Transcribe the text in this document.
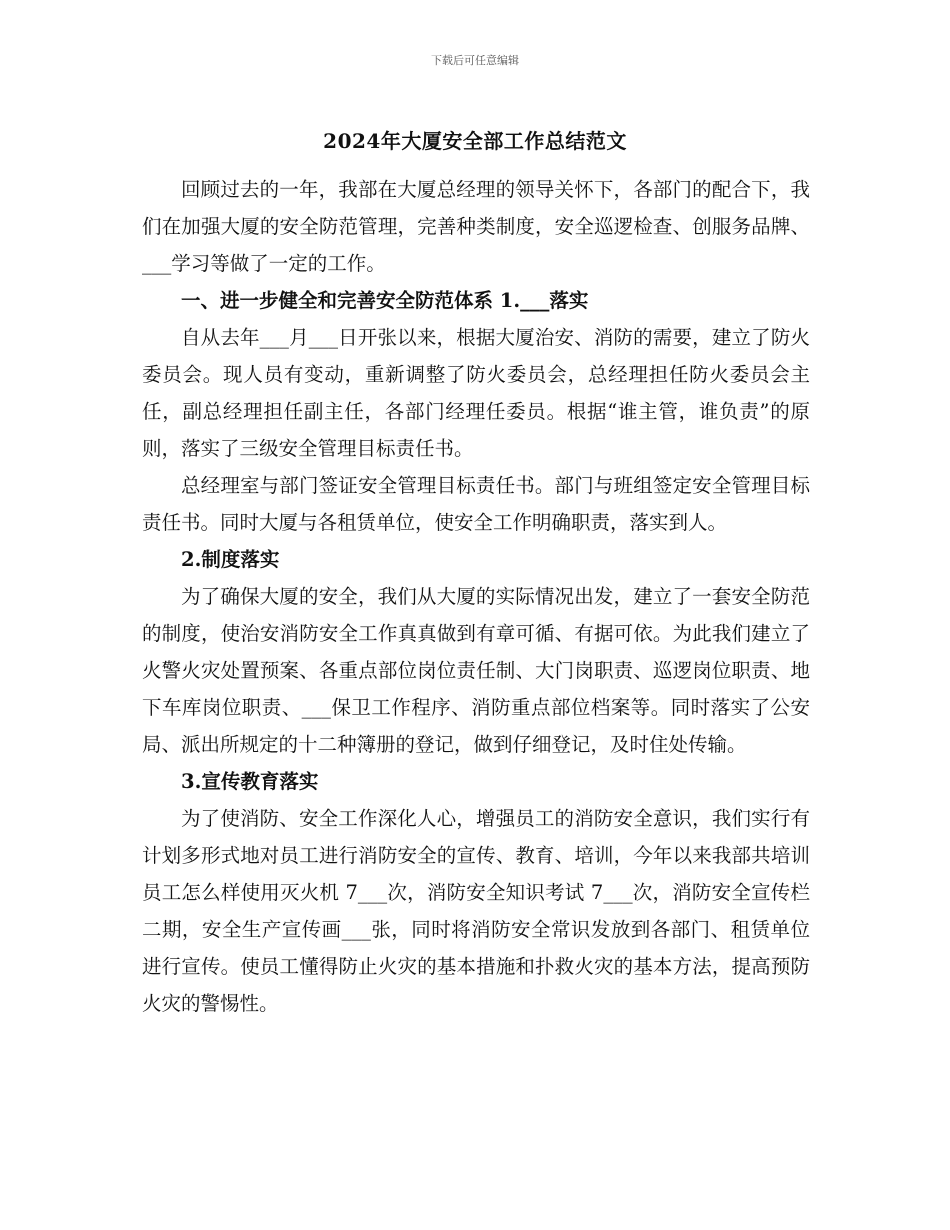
下载后可任意编辑
2024年大厦安全部工作总结范文

回顾过去的一年，我部在大厦总经理的领导关怀下，各部门的配合下，我们在加强大厦的安全防范管理，完善种类制度，安全巡逻检查、创服务品牌、___学习等做了一定的工作。

一、进一步健全和完善安全防范体系 1.___落实

自从去年___月___日开张以来，根据大厦治安、消防的需要，建立了防火委员会。现人员有变动，重新调整了防火委员会，总经理担任防火委员会主任，副总经理担任副主任，各部门经理任委员。根据“谁主管，谁负责”的原则，落实了三级安全管理目标责任书。

总经理室与部门签证安全管理目标责任书。部门与班组签定安全管理目标责任书。同时大厦与各租赁单位，使安全工作明确职责，落实到人。

2.制度落实

为了确保大厦的安全，我们从大厦的实际情况出发，建立了一套安全防范的制度，使治安消防安全工作真真做到有章可循、有据可依。为此我们建立了火警火灾处置预案、各重点部位岗位责任制、大门岗职责、巡逻岗位职责、地下车库岗位职责、___保卫工作程序、消防重点部位档案等。同时落实了公安局、派出所规定的十二种簿册的登记，做到仔细登记，及时住处传输。

3.宣传教育落实

为了使消防、安全工作深化人心，增强员工的消防安全意识，我们实行有计划多形式地对员工进行消防安全的宣传、教育、培训，今年以来我部共培训员工怎么样使用灭火机 7___次，消防安全知识考试 7___次，消防安全宣传栏二期，安全生产宣传画___张，同时将消防安全常识发放到各部门、租赁单位进行宣传。使员工懂得防止火灾的基本措施和扑救火灾的基本方法，提高预防火灾的警惕性。
